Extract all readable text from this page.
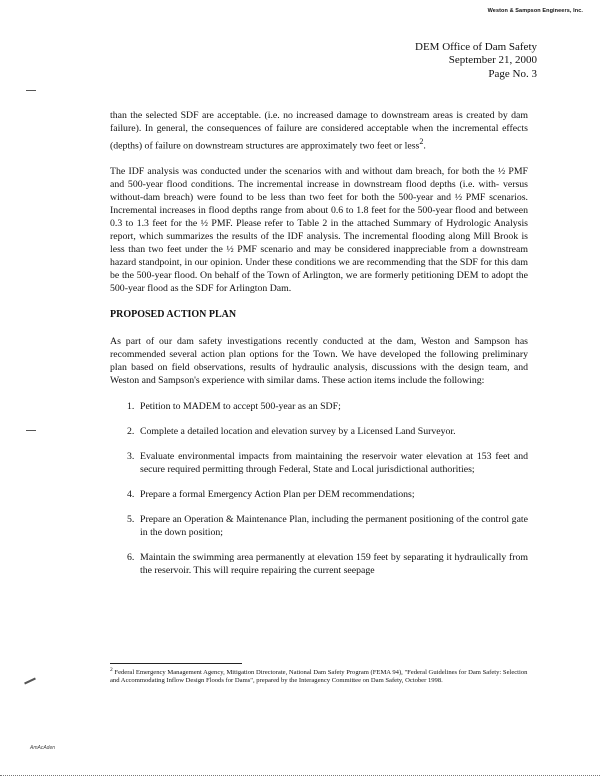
Weston & Sampson Engineers, Inc.
DEM Office of Dam Safety
September 21, 2000
Page No. 3

than the selected SDF are acceptable. (i.e. no increased damage to downstream areas is created by dam failure). In general, the consequences of failure are considered acceptable when the incremental effects (depths) of failure on downstream structures are approximately two feet or less$^2$.

The IDF analysis was conducted under the scenarios with and without dam breach, for both the ½ PMF and 500-year flood conditions. The incremental increase in downstream flood depths (i.e. with- versus without-dam breach) were found to be less than two feet for both the 500-year and ½ PMF scenarios. Incremental increases in flood depths range from about 0.6 to 1.8 feet for the 500-year flood and between 0.3 to 1.3 feet for the ½ PMF. Please refer to Table 2 in the attached Summary of Hydrologic Analysis report, which summarizes the results of the IDF analysis. The incremental flooding along Mill Brook is less than two feet under the ½ PMF scenario and may be considered inappreciable from a downstream hazard standpoint, in our opinion. Under these conditions we are recommending that the SDF for this dam be the 500-year flood. On behalf of the Town of Arlington, we are formerly petitioning DEM to adopt the 500-year flood as the SDF for Arlington Dam.

PROPOSED ACTION PLAN

As part of our dam safety investigations recently conducted at the dam, Weston and Sampson has recommended several action plan options for the Town. We have developed the following preliminary plan based on field observations, results of hydraulic analysis, discussions with the design team, and Weston and Sampson's experience with similar dams. These action items include the following:

1. Petition to MADEM to accept 500-year as an SDF;
2. Complete a detailed location and elevation survey by a Licensed Land Surveyor.
3. Evaluate environmental impacts from maintaining the reservoir water elevation at 153 feet and secure required permitting through Federal, State and Local jurisdictional authorities;
4. Prepare a formal Emergency Action Plan per DEM recommendations;
5. Prepare an Operation & Maintenance Plan, including the permanent positioning of the control gate in the down position;
6. Maintain the swimming area permanently at elevation 159 feet by separating it hydraulically from the reservoir. This will require repairing the current seepage
$^2$ Federal Emergency Management Agency, Mitigation Directorate, National Dam Safety Program (FEMA 94), "Federal Guidelines for Dam Safety: Selection and Accommodating Inflow Design Floods for Dams", prepared by the Interagency Committee on Dam Safety, October 1998.
AmAcAden
